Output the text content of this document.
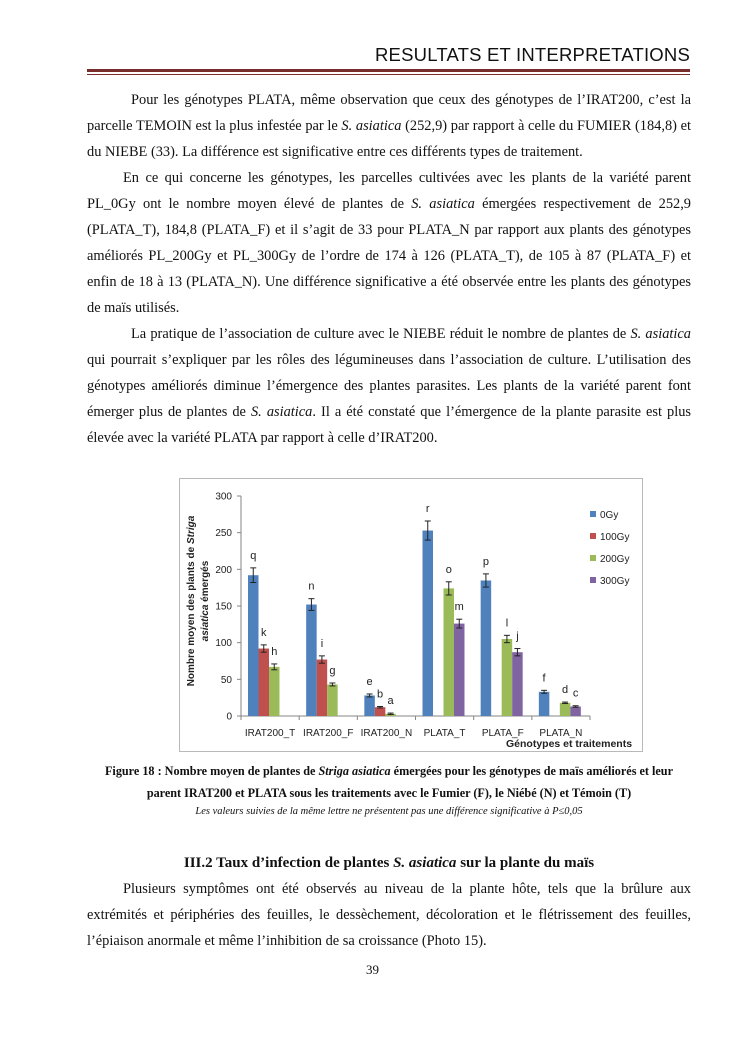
RESULTATS ET INTERPRETATIONS

Pour les génotypes PLATA, même observation que ceux des génotypes de l’IRAT200, c’est la parcelle TEMOIN est la plus infestée par le S. asiatica (252,9) par rapport à celle du FUMIER (184,8) et du NIEBE (33). La différence est significative entre ces différents types de traitement.

En ce qui concerne les génotypes, les parcelles cultivées avec les plants de la variété parent PL_0Gy ont le nombre moyen élevé de plantes de S. asiatica émergées respectivement de 252,9 (PLATA_T), 184,8 (PLATA_F) et il s’agit de 33 pour PLATA_N par rapport aux plants des génotypes améliorés PL_200Gy et PL_300Gy de l’ordre de 174 à 126 (PLATA_T), de 105 à 87 (PLATA_F) et enfin de 18 à 13 (PLATA_N). Une différence significative a été observée entre les plants des génotypes de maïs utilisés.

La pratique de l’association de culture avec le NIEBE réduit le nombre de plantes de S. asiatica qui pourrait s’expliquer par les rôles des légumineuses dans l’association de culture. L’utilisation des génotypes améliorés diminue l’émergence des plantes parasites. Les plants de la variété parent font émerger plus de plantes de S. asiatica. Il a été constaté que l’émergence de la plante parasite est plus élevée avec la variété PLATA par rapport à celle d’IRAT200.

0
50
100
150
200
250
300
IRAT200_T IRAT200_F IRAT200_N PLATA_T PLATA_F PLATA_N
q
n
e
r
p
f
k
i
b
h
g
a
o
l
d
m
j
c
0Gy
100Gy
200Gy
300Gy
Génotypes et traitements
Nombre moyen des plants de Striga
asiatica émergés
Figure 18 : Nombre moyen de plantes de Striga asiatica émergées pour les génotypes de maïs améliorés et leur parent IRAT200 et PLATA sous les traitements avec le Fumier (F), le Niébé (N) et Témoin (T)
Les valeurs suivies de la même lettre ne présentent pas une différence significative à P≤0,05
III.2 Taux d’infection de plantes S. asiatica sur la plante du maïs

Plusieurs symptômes ont été observés au niveau de la plante hôte, tels que la brûlure aux extrémités et périphéries des feuilles, le dessèchement, décoloration et le flétrissement des feuilles, l’épiaison anormale et même l’inhibition de sa croissance (Photo 15).

39
